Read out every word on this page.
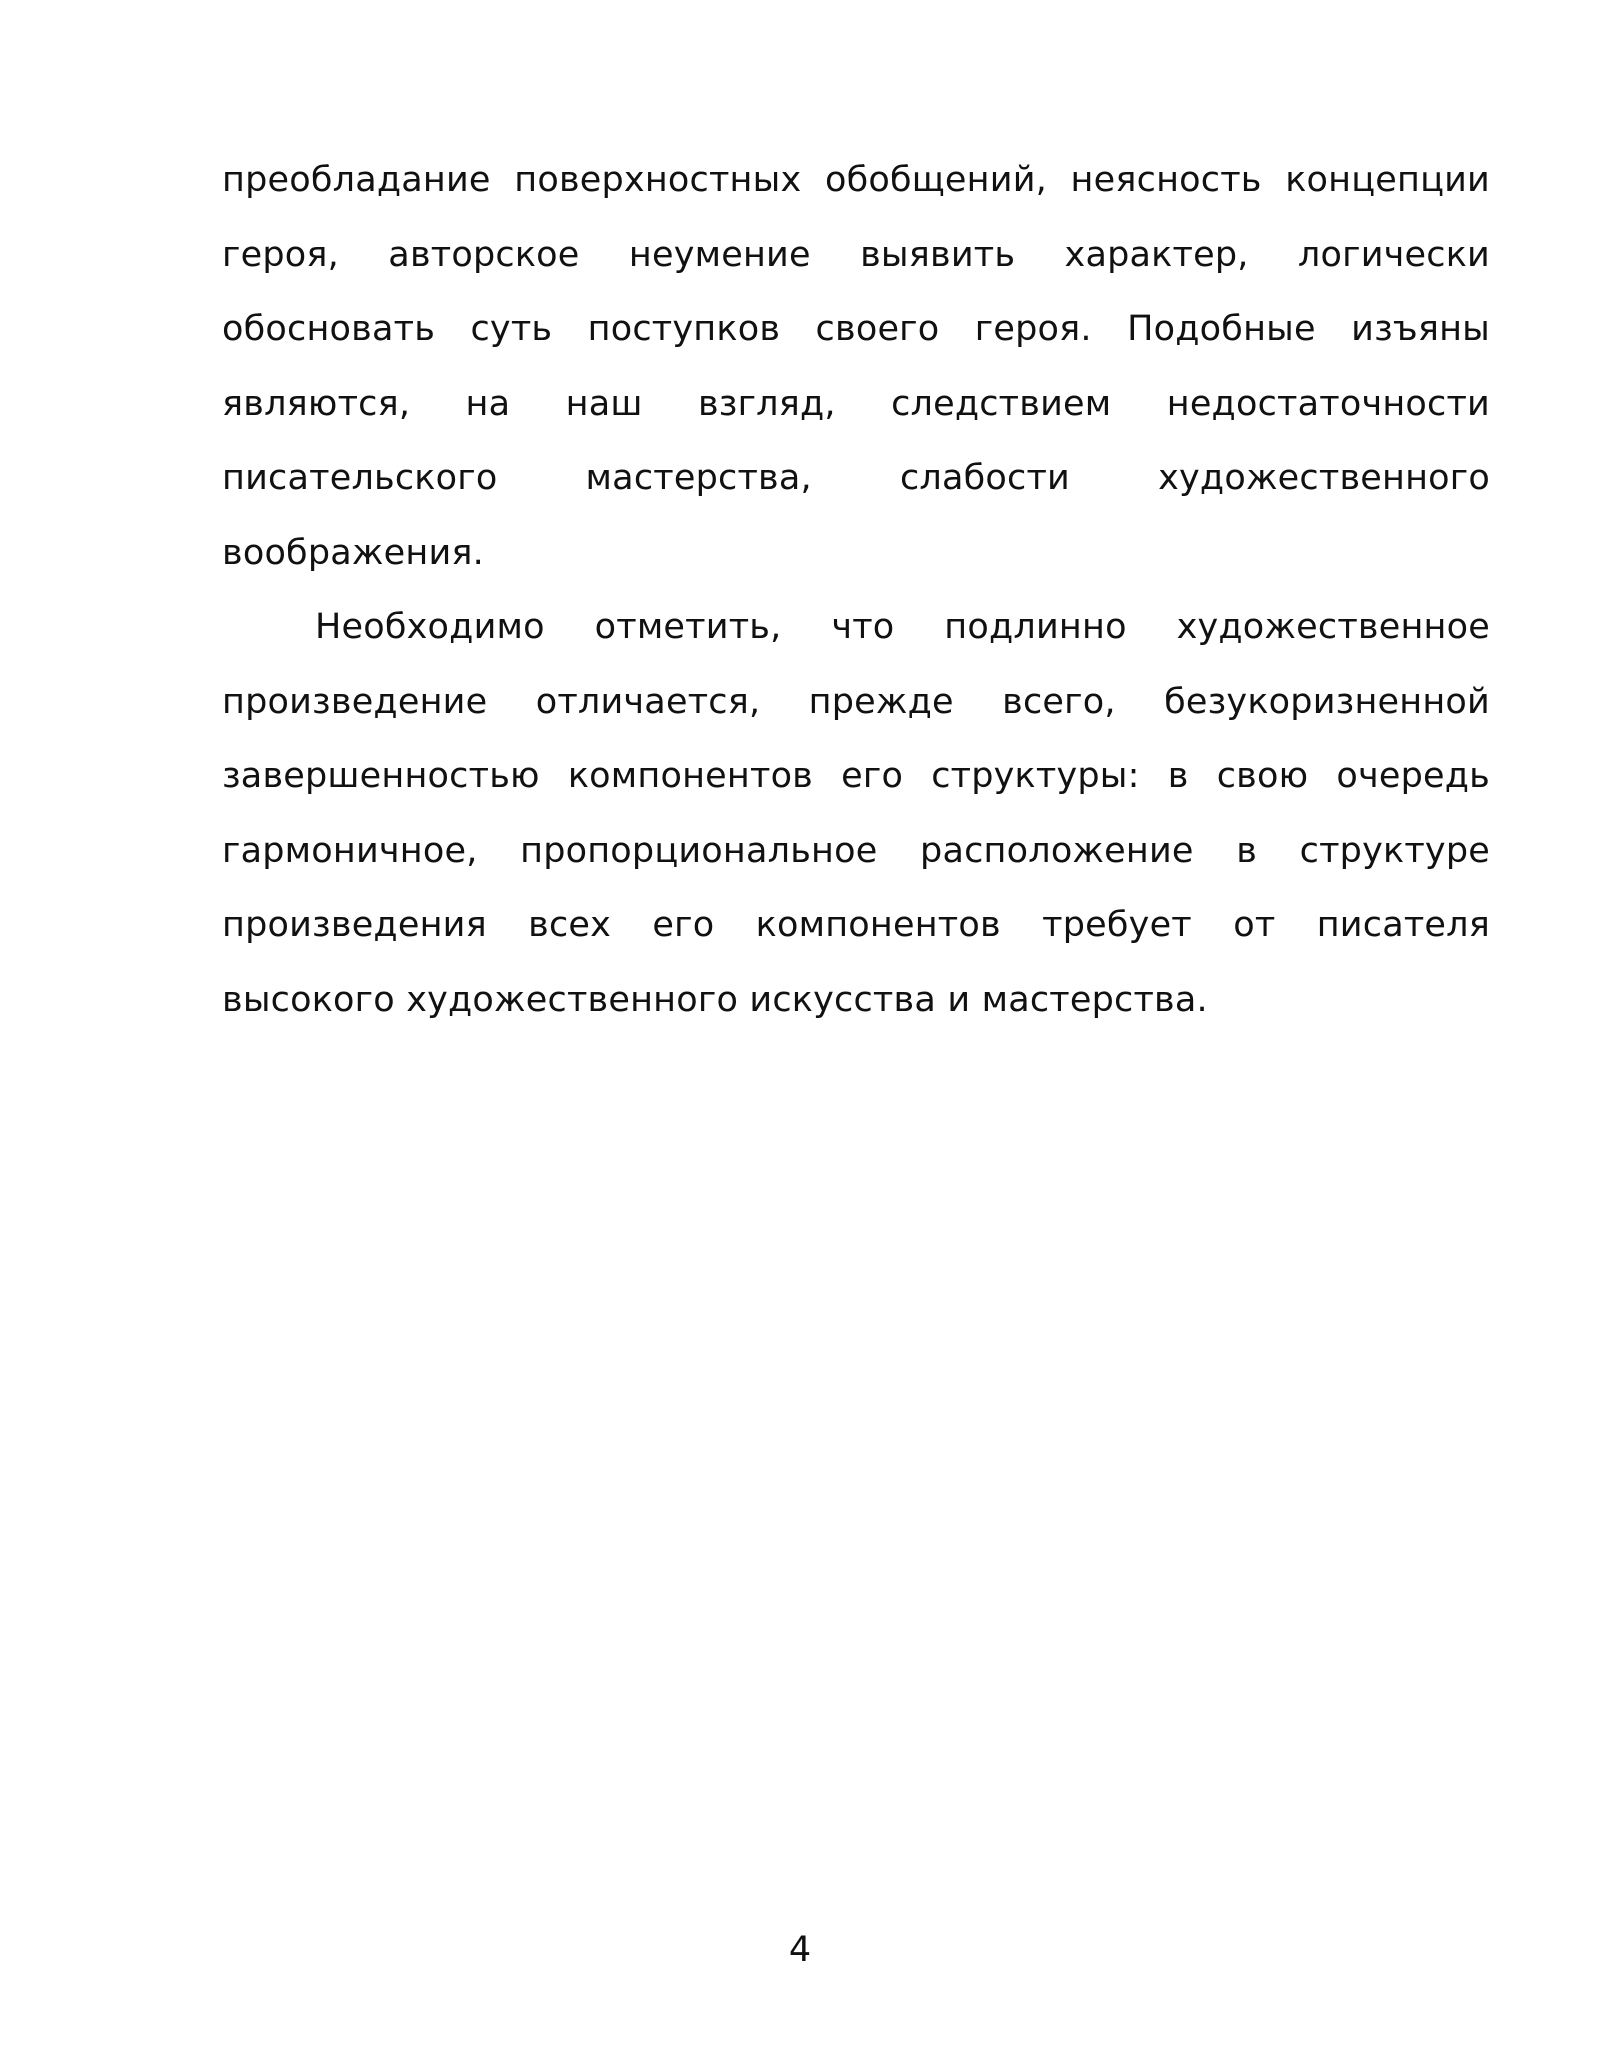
преобладание поверхностных обобщений, неясность концепции героя, авторское неумение выявить характер, логически обосновать суть поступков своего героя. Подобные изъяны являются, на наш взгляд, следствием недостаточности писательского мастерства, слабости художественного воображения.

Необходимо отметить, что подлинно художественное произведение отличается, прежде всего, безукоризненной завершенностью компонентов его структуры: в свою очередь гармоничное, пропорциональное расположение в структуре произведения всех его компонентов требует от писателя высокого художественного искусства и мастерства.

4
